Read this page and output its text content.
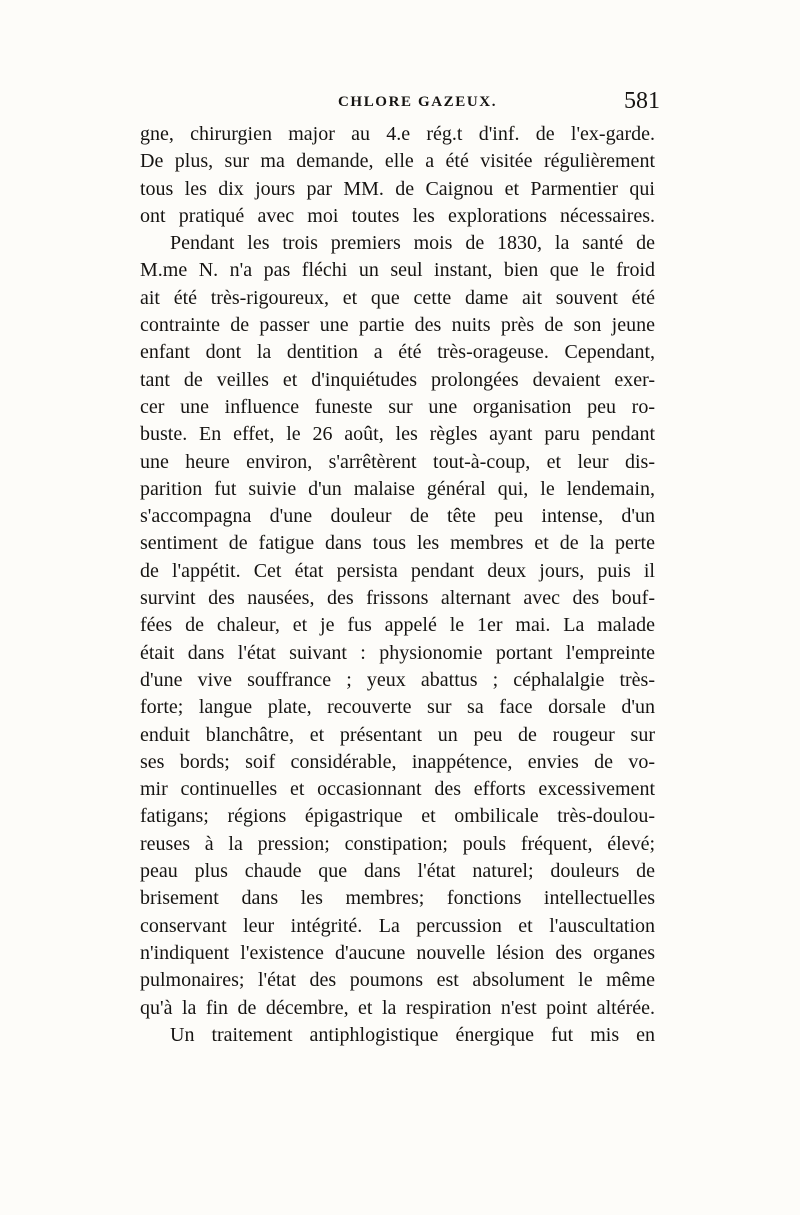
CHLORE GAZEUX.	581
gne, chirurgien major au 4.e rég.t d'inf. de l'ex-garde.
De plus, sur ma demande, elle a été visitée régulièrement
tous les dix jours par MM. de Caignou et Parmentier qui
ont pratiqué avec moi toutes les explorations nécessaires.
Pendant les trois premiers mois de 1830, la santé de
M.me N. n'a pas fléchi un seul instant, bien que le froid
ait été très-rigoureux, et que cette dame ait souvent été
contrainte de passer une partie des nuits près de son jeune
enfant dont la dentition a été très-orageuse. Cependant,
tant de veilles et d'inquiétudes prolongées devaient exer-
cer une influence funeste sur une organisation peu ro-
buste. En effet, le 26 août, les règles ayant paru pendant
une heure environ, s'arrêtèrent tout-à-coup, et leur dis-
parition fut suivie d'un malaise général qui, le lendemain,
s'accompagna d'une douleur de tête peu intense, d'un
sentiment de fatigue dans tous les membres et de la perte
de l'appétit. Cet état persista pendant deux jours, puis il
survint des nausées, des frissons alternant avec des bouf-
fées de chaleur, et je fus appelé le 1er mai. La malade
était dans l'état suivant : physionomie portant l'empreinte
d'une vive souffrance ; yeux abattus ; céphalalgie très-
forte; langue plate, recouverte sur sa face dorsale d'un
enduit blanchâtre, et présentant un peu de rougeur sur
ses bords; soif considérable, inappétence, envies de vo-
mir continuelles et occasionnant des efforts excessivement
fatigans; régions épigastrique et ombilicale très-doulou-
reuses à la pression; constipation; pouls fréquent, élevé;
peau plus chaude que dans l'état naturel; douleurs de
brisement dans les membres; fonctions intellectuelles
conservant leur intégrité. La percussion et l'auscultation
n'indiquent l'existence d'aucune nouvelle lésion des organes
pulmonaires; l'état des poumons est absolument le même
qu'à la fin de décembre, et la respiration n'est point altérée.
Un traitement antiphlogistique énergique fut mis en
